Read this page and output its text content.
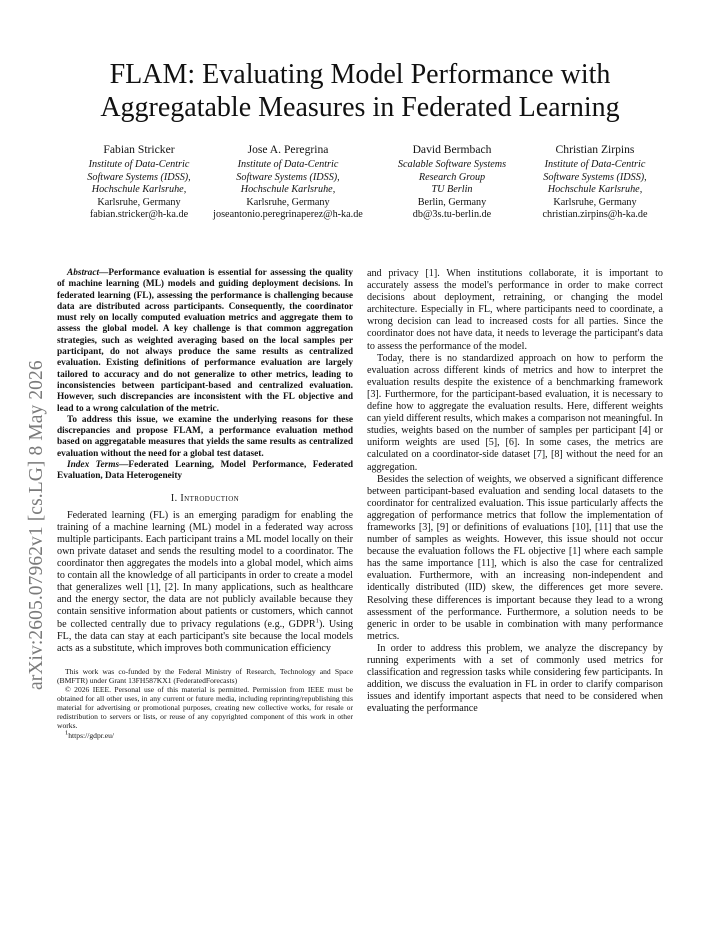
FLAM: Evaluating Model Performance with
Aggregatable Measures in Federated Learning
Fabian Stricker
Institute of Data-Centric
Software Systems (IDSS),
Hochschule Karlsruhe,
Karlsruhe, Germany
fabian.stricker@h-ka.de
Jose A. Peregrina
Institute of Data-Centric
Software Systems (IDSS),
Hochschule Karlsruhe,
Karlsruhe, Germany
joseantonio.peregrinaperez@h-ka.de
David Bermbach
Scalable Software Systems
Research Group
TU Berlin
Berlin, Germany
db@3s.tu-berlin.de
Christian Zirpins
Institute of Data-Centric
Software Systems (IDSS),
Hochschule Karlsruhe,
Karlsruhe, Germany
christian.zirpins@h-ka.de
arXiv:2605.07962v1 [cs.LG] 8 May 2026

Abstract—Performance evaluation is essential for assessing the quality of machine learning (ML) models and guiding deployment decisions. In federated learning (FL), assessing the performance is challenging because data are distributed across participants. Consequently, the coordinator must rely on locally computed evaluation metrics and aggregate them to assess the global model. A key challenge is that common aggregation strategies, such as weighted averaging based on the local samples per participant, do not always produce the same results as centralized evaluation. Existing definitions of performance evaluation are largely tailored to accuracy and do not generalize to other metrics, leading to inconsistencies between participant-based and centralized evaluation. However, such discrepancies are inconsistent with the FL objective and lead to a wrong calculation of the metric.

To address this issue, we examine the underlying reasons for these discrepancies and propose FLAM, a performance evaluation method based on aggregatable measures that yields the same results as centralized evaluation without the need for a global test dataset.

Index Terms—Federated Learning, Model Performance, Federated Evaluation, Data Heterogeneity

I. Introduction

Federated learning (FL) is an emerging paradigm for enabling the training of a machine learning (ML) model in a federated way across multiple participants. Each participant trains a ML model locally on their own private dataset and sends the resulting model to a coordinator. The coordinator then aggregates the models into a global model, which aims to contain all the knowledge of all participants in order to create a model that generalizes well [1], [2]. In many applications, such as healthcare and the energy sector, the data are not publicly available because they contain sensitive information about patients or customers, which cannot be collected centrally due to privacy regulations (e.g., GDPR$^1$). Using FL, the data can stay at each participant's site because the local models acts as a substitute, which improves both communication efficiency

This work was co-funded by the Federal Ministry of Research, Technology and Space (BMFTR) under Grant 13FH587KX1 (FederatedForecasts)

© 2026 IEEE. Personal use of this material is permitted. Permission from IEEE must be obtained for all other uses, in any current or future media, including reprinting/republishing this material for advertising or promotional purposes, creating new collective works, for resale or redistribution to servers or lists, or reuse of any copyrighted component of this work in other works.

$^1$https://gdpr.eu/

and privacy [1]. When institutions collaborate, it is important to accurately assess the model's performance in order to make correct decisions about deployment, retraining, or changing the model architecture. Especially in FL, where participants need to coordinate, a wrong decision can lead to increased costs for all parties. Since the coordinator does not have data, it needs to leverage the participant's data to assess the performance of the model.

Today, there is no standardized approach on how to perform the evaluation across different kinds of metrics and how to interpret the evaluation results despite the existence of a benchmarking framework [3]. Furthermore, for the participant-based evaluation, it is necessary to define how to aggregate the evaluation results. Here, different weights can yield different results, which makes a comparison not meaningful. In studies, weights based on the number of samples per participant [4] or uniform weights are used [5], [6]. In some cases, the metrics are calculated on a coordinator-side dataset [7], [8] without the need for an aggregation.

Besides the selection of weights, we observed a significant difference between participant-based evaluation and sending local datasets to the coordinator for centralized evaluation. This issue particularly affects the aggregation of performance metrics that follow the implementation of frameworks [3], [9] or definitions of evaluations [10], [11] that use the number of samples as weights. However, this issue should not occur because the evaluation follows the FL objective [1] where each sample has the same importance [11], which is also the case for centralized evaluation. Furthermore, with an increasing non-independent and identically distributed (IID) skew, the differences get more severe. Resolving these differences is important because they lead to a wrong assessment of the performance. Furthermore, a solution needs to be generic in order to be usable in combination with many performance metrics.

In order to address this problem, we analyze the discrepancy by running experiments with a set of commonly used metrics for classification and regression tasks while considering few participants. In addition, we discuss the evaluation in FL in order to clarify comparison issues and identify important aspects that need to be considered when evaluating the performance
